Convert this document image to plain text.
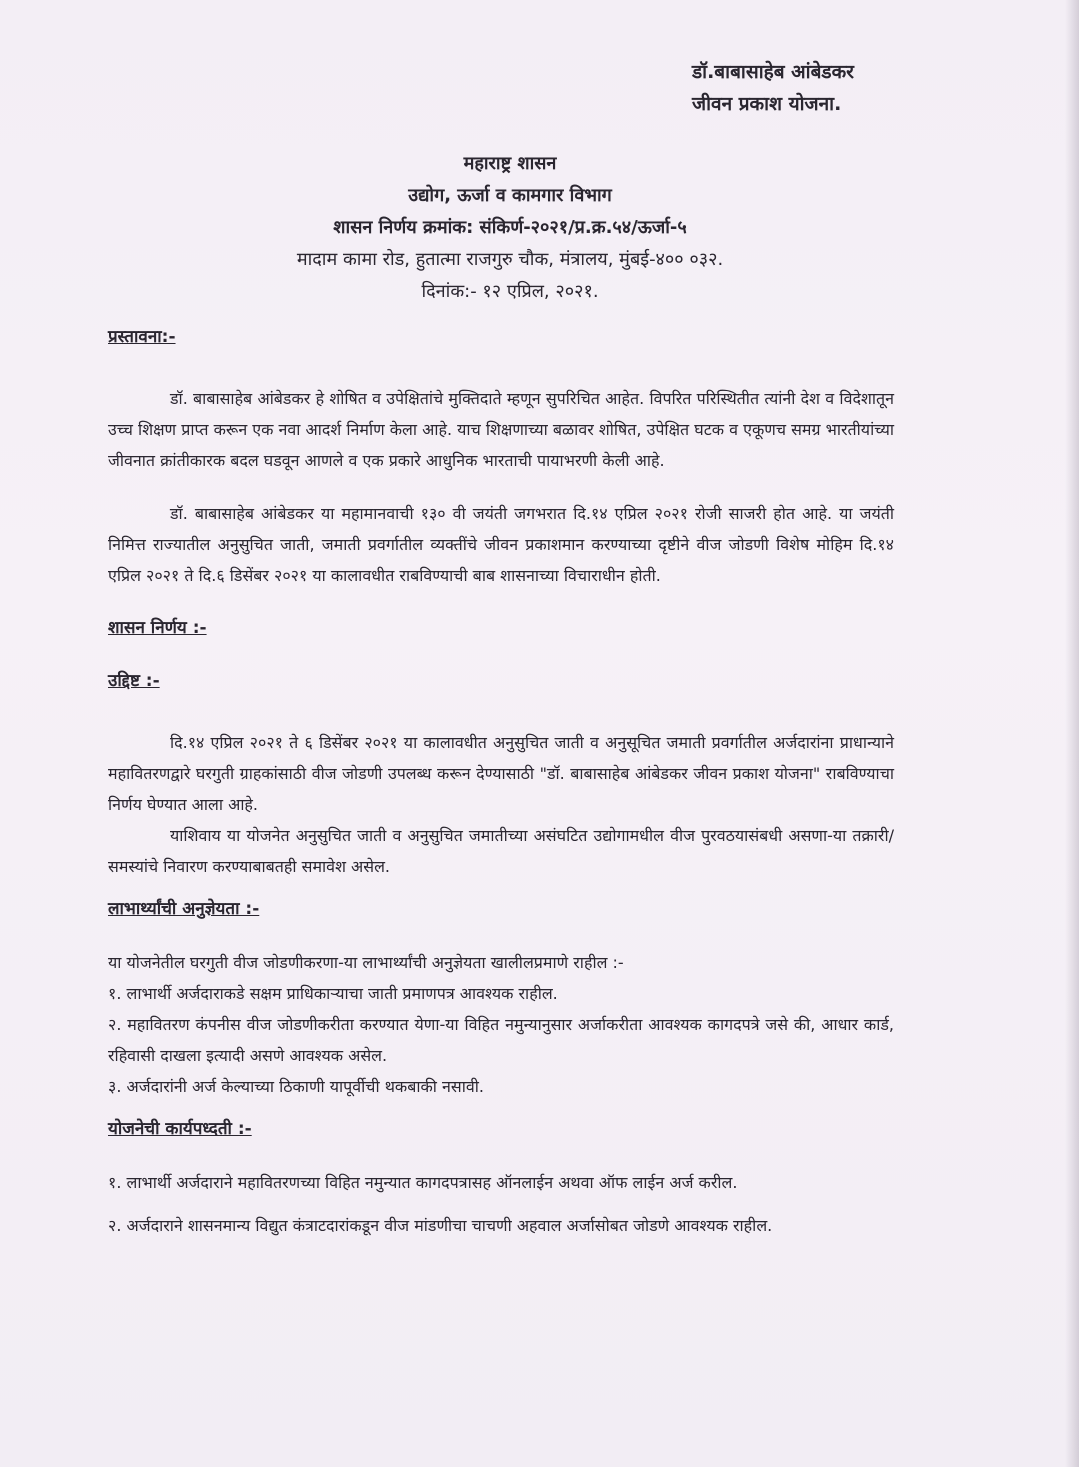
डॉ.बाबासाहेब आंबेडकर
जीवन प्रकाश योजना.
महाराष्ट्र शासन
उद्योग, ऊर्जा व कामगार विभाग
शासन निर्णय क्रमांक: संकिर्ण-२०२१/प्र.क्र.५४/ऊर्जा-५
मादाम कामा रोड, हुतात्मा राजगुरु चौक, मंत्रालय, मुंबई-४०० ०३२.
दिनांक:- १२ एप्रिल, २०२१.

प्रस्तावना:-

डॉ. बाबासाहेब आंबेडकर हे शोषित व उपेक्षितांचे मुक्तिदाते म्हणून सुपरिचित आहेत. विपरित परिस्थितीत त्यांनी देश व विदेशातून उच्च शिक्षण प्राप्त करून एक नवा आदर्श निर्माण केला आहे. याच शिक्षणाच्या बळावर शोषित, उपेक्षित घटक व एकूणच समग्र भारतीयांच्या जीवनात क्रांतीकारक बदल घडवून आणले व एक प्रकारे आधुनिक भारताची पायाभरणी केली आहे.

डॉ. बाबासाहेब आंबेडकर या महामानवाची १३० वी जयंती जगभरात दि.१४ एप्रिल २०२१ रोजी साजरी होत आहे. या जयंती निमित्त राज्यातील अनुसुचित जाती, जमाती प्रवर्गातील व्यक्तींचे जीवन प्रकाशमान करण्याच्या दृष्टीने वीज जोडणी विशेष मोहिम दि.१४ एप्रिल २०२१ ते दि.६ डिसेंबर २०२१ या कालावधीत राबविण्याची बाब शासनाच्या विचाराधीन होती.

शासन निर्णय :-

उद्दिष्ट :-

दि.१४ एप्रिल २०२१ ते ६ डिसेंबर २०२१ या कालावधीत अनुसुचित जाती व अनुसूचित जमाती प्रवर्गातील अर्जदारांना प्राधान्याने महावितरणद्वारे घरगुती ग्राहकांसाठी वीज जोडणी उपलब्ध करून देण्यासाठी "डॉ. बाबासाहेब आंबेडकर जीवन प्रकाश योजना" राबविण्याचा निर्णय घेण्यात आला आहे.

याशिवाय या योजनेत अनुसुचित जाती व अनुसुचित जमातीच्या असंघटित उद्योगामधील वीज पुरवठयासंबधी असणा-या तक्रारी/ समस्यांचे निवारण करण्याबाबतही समावेश असेल.

लाभार्थ्यांची अनुज्ञेयता :-

या योजनेतील घरगुती वीज जोडणीकरणा-या लाभार्थ्यांची अनुज्ञेयता खालीलप्रमाणे राहील :-

१. लाभार्थी अर्जदाराकडे सक्षम प्राधिकाऱ्याचा जाती प्रमाणपत्र आवश्यक राहील.

२. महावितरण कंपनीस वीज जोडणीकरीता करण्यात येणा-या विहित नमुन्यानुसार अर्जाकरीता आवश्यक कागदपत्रे जसे की, आधार कार्ड, रहिवासी दाखला इत्यादी असणे आवश्यक असेल.

३. अर्जदारांनी अर्ज केल्याच्या ठिकाणी यापूर्वीची थकबाकी नसावी.

योजनेची कार्यपध्दती :-

१. लाभार्थी अर्जदाराने महावितरणच्या विहित नमुन्यात कागदपत्रासह ऑनलाईन अथवा ऑफ लाईन अर्ज करील.

२. अर्जदाराने शासनमान्य विद्युत कंत्राटदारांकडून वीज मांडणीचा चाचणी अहवाल अर्जासोबत जोडणे आवश्यक राहील.
